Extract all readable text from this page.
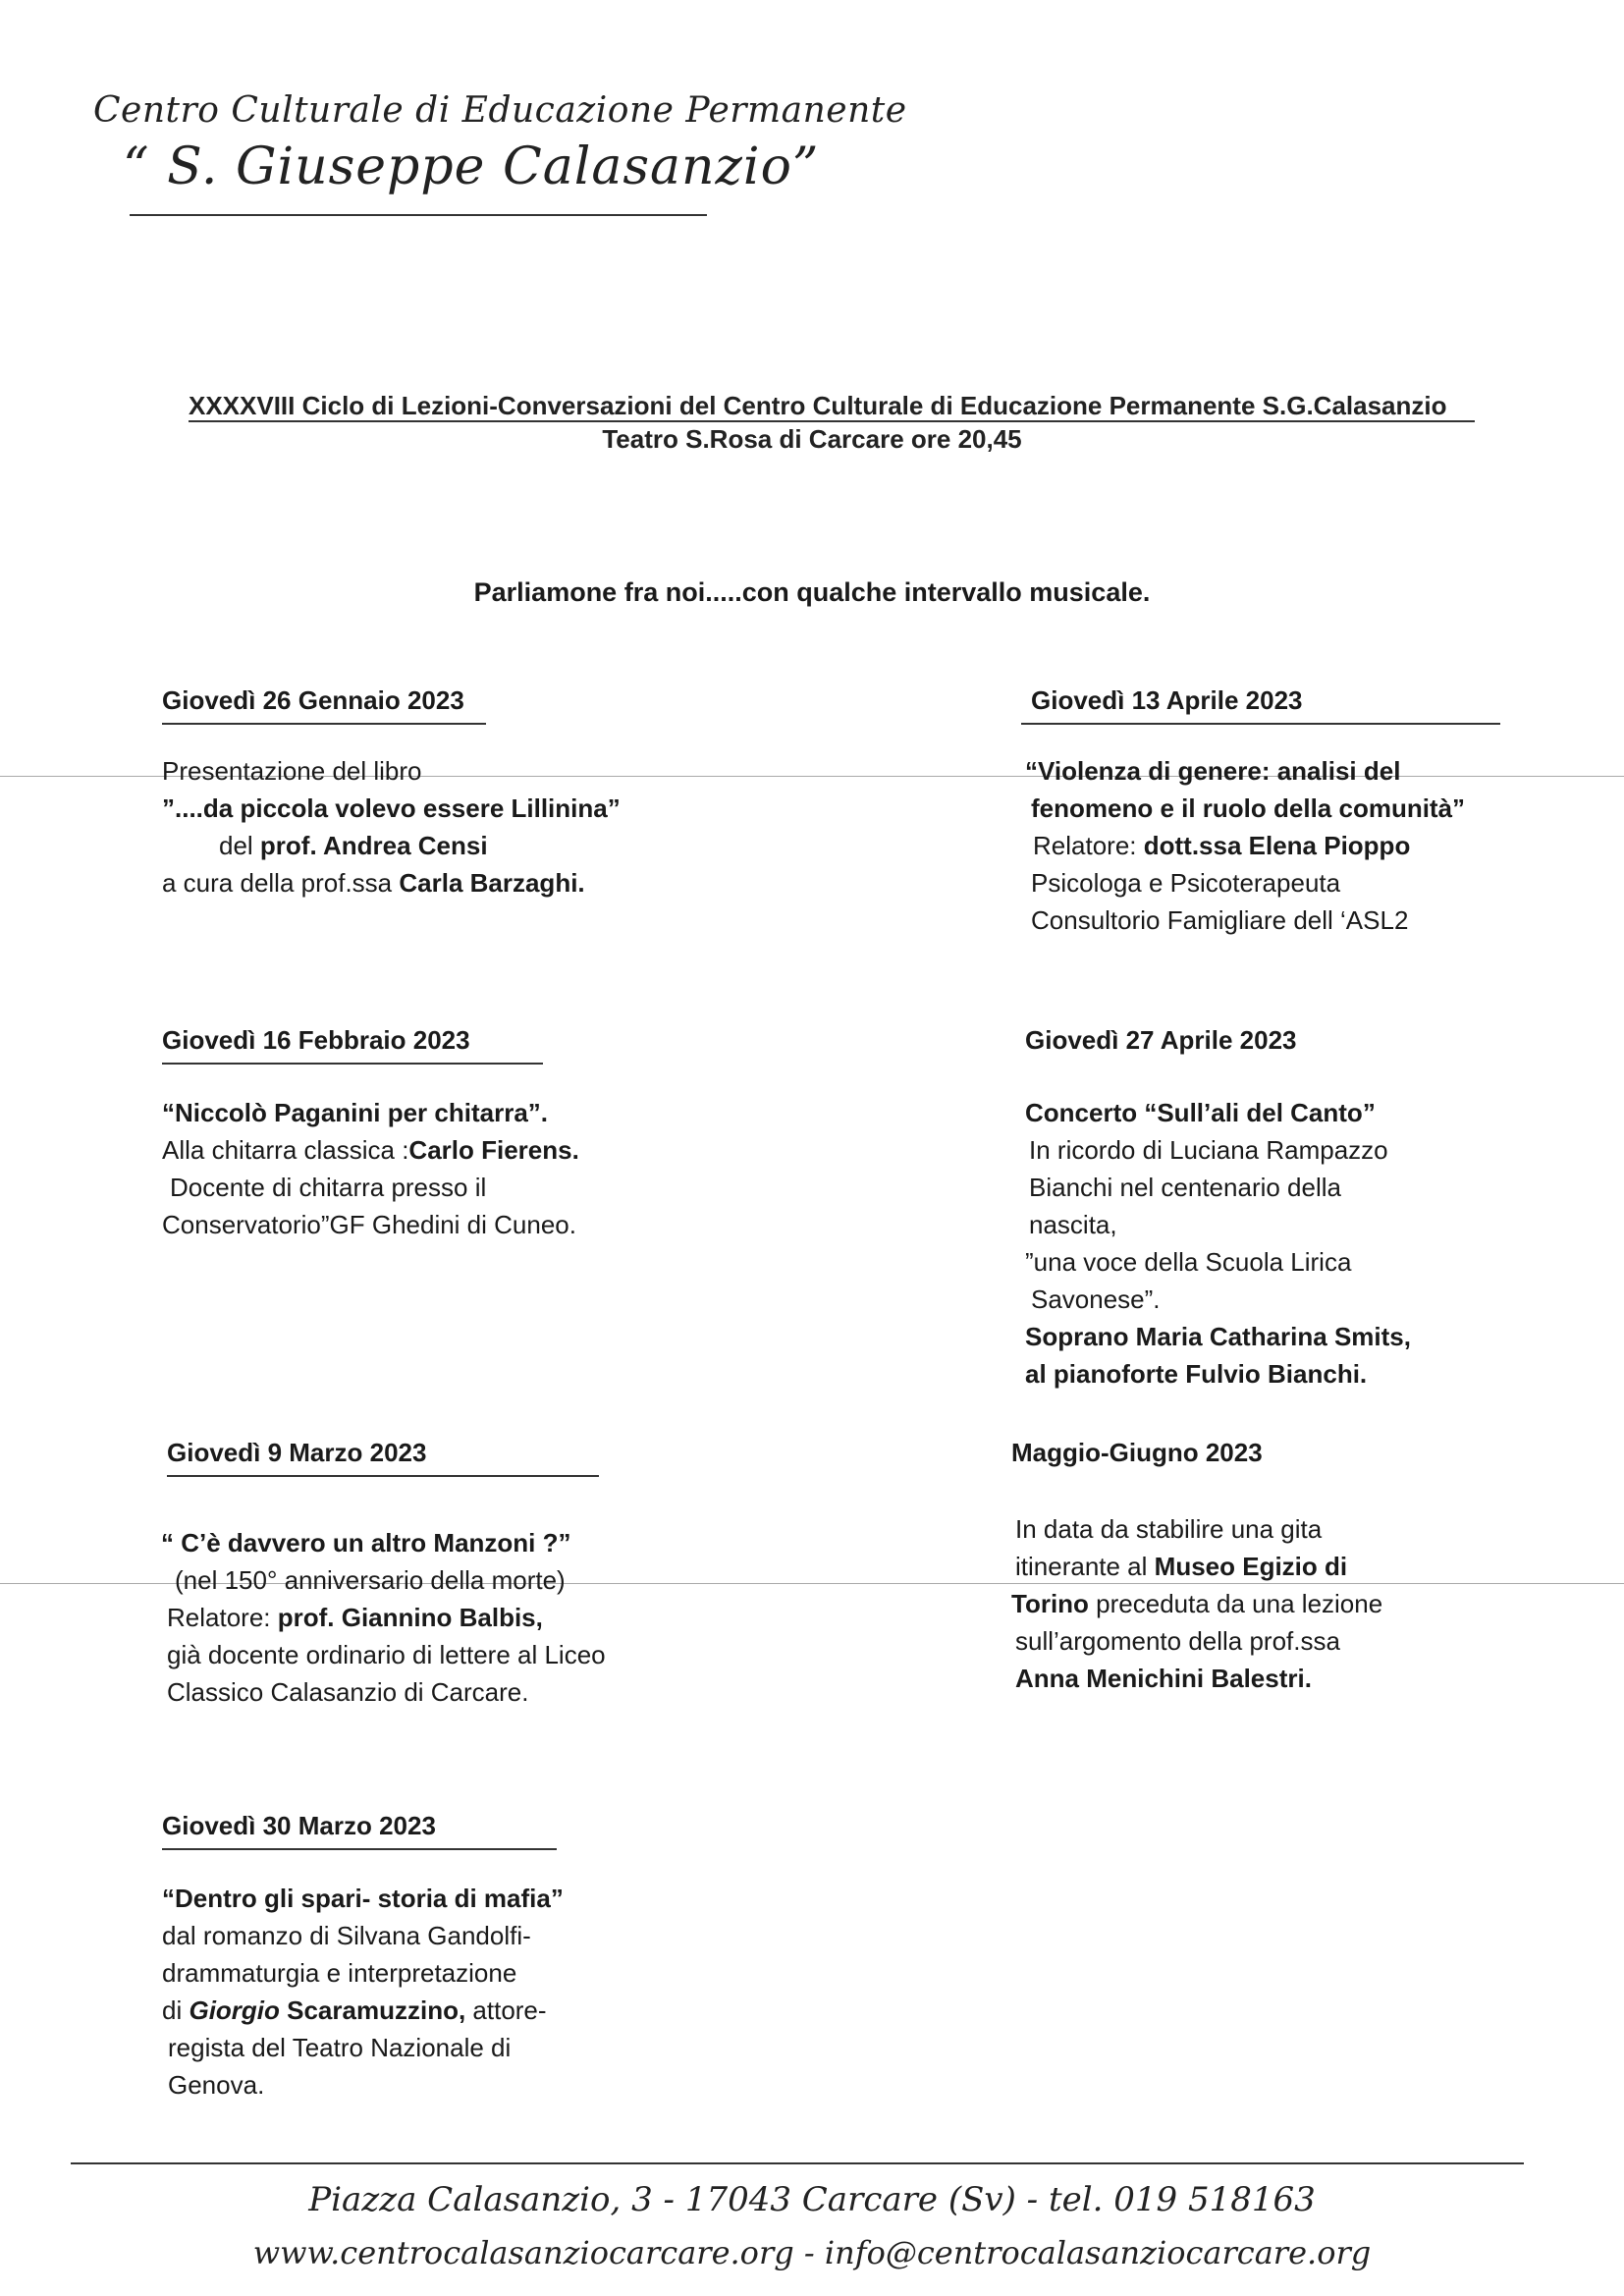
Centro Culturale di Educazione Permanente
“ S. Giuseppe Calasanzio”
XXXXVIII Ciclo di Lezioni-Conversazioni del Centro Culturale di Educazione Permanente S.G.Calasanzio
Teatro S.Rosa di Carcare ore 20,45
Parliamone fra noi.....con qualche intervallo musicale.
Giovedì 26 Gennaio 2023
Presentazione del libro
”....da piccola volevo essere Lillinina”
del prof. Andrea Censi
a cura della prof.ssa Carla Barzaghi.
Giovedì 16 Febbraio 2023
“Niccolò Paganini per chitarra”.
Alla chitarra classica :Carlo Fierens.
Docente di chitarra presso il
Conservatorio”GF Ghedini di Cuneo.
Giovedì 9 Marzo 2023
“ C’è davvero un altro Manzoni ?”
(nel 150° anniversario della morte)
Relatore: prof. Giannino Balbis,
già docente ordinario di lettere al Liceo
Classico Calasanzio di Carcare.
Giovedì 30 Marzo 2023
“Dentro gli spari- storia di mafia”
dal romanzo di Silvana Gandolfi-
drammaturgia e interpretazione
di Giorgio Scaramuzzino, attore-
regista del Teatro Nazionale di
Genova.
Giovedì 13 Aprile 2023
“Violenza di genere: analisi del
fenomeno e il ruolo della comunità”
Relatore: dott.ssa Elena Pioppo
Psicologa e Psicoterapeuta
Consultorio Famigliare dell ‘ASL2
Giovedì 27 Aprile 2023
Concerto “Sull’ali del Canto”
In ricordo di Luciana Rampazzo
Bianchi nel centenario della
nascita,
”una voce della Scuola Lirica
Savonese”.
Soprano Maria Catharina Smits,
al pianoforte Fulvio Bianchi.
Maggio-Giugno 2023
In data da stabilire una gita
itinerante al Museo Egizio di
Torino preceduta da una lezione
sull’argomento della prof.ssa
Anna Menichini Balestri.
Piazza Calasanzio, 3 - 17043 Carcare (Sv) - tel. 019 518163
www.centrocalasanziocarcare.org - info@centrocalasanziocarcare.org
